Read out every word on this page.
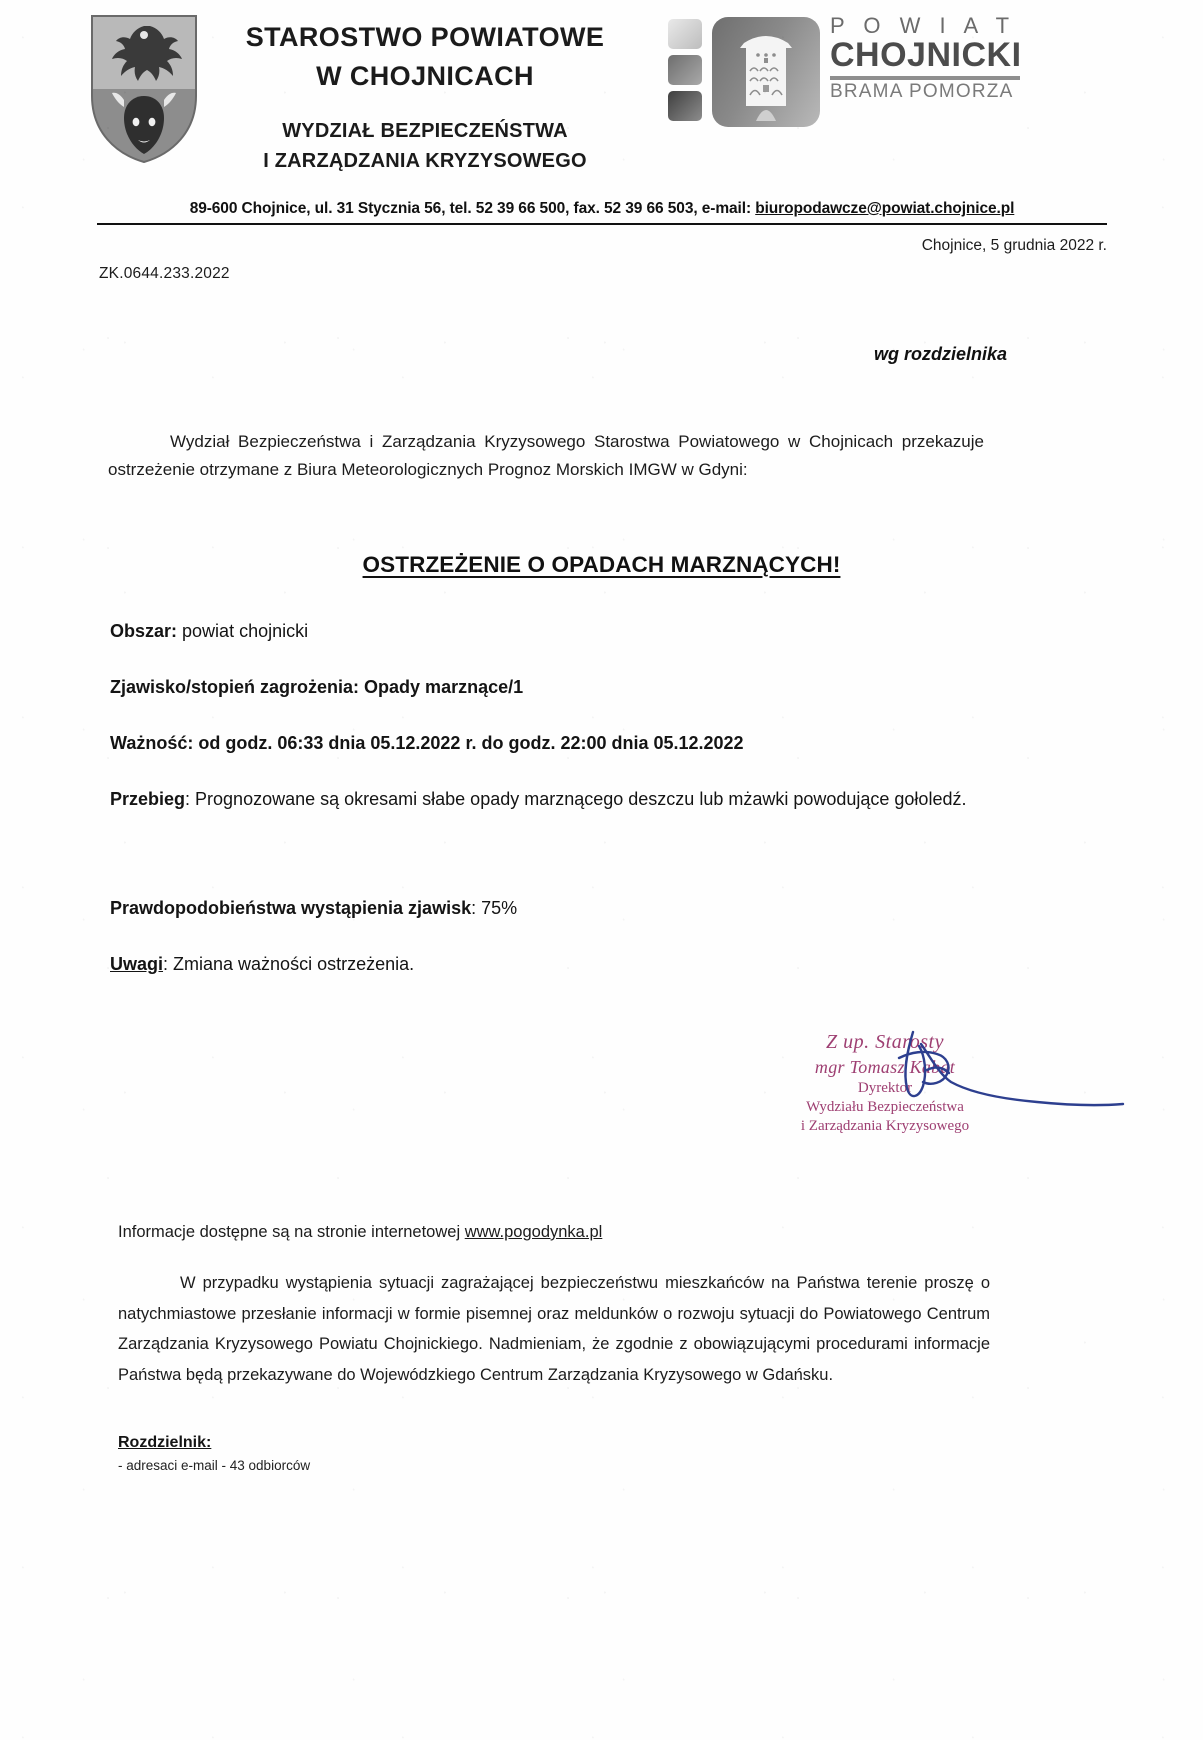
STAROSTWO POWIATOWE
W CHOJNICACH
WYDZIAŁ BEZPIECZEŃSTWA
I ZARZĄDZANIA KRYZYSOWEGO
P O W I A T
CHOJNICKI
BRAMA POMORZA
89-600 Chojnice, ul. 31 Stycznia 56, tel. 52 39 66 500, fax. 52 39 66 503, e-mail: biuropodawcze@powiat.chojnice.pl
Chojnice, 5 grudnia 2022 r.
ZK.0644.233.2022
wg rozdzielnika
Wydział Bezpieczeństwa i Zarządzania Kryzysowego Starostwa Powiatowego w Chojnicach przekazuje ostrzeżenie otrzymane z Biura Meteorologicznych Prognoz Morskich IMGW w Gdyni:
OSTRZEŻENIE O OPADACH MARZNĄCYCH!
Obszar: powiat chojnicki
Zjawisko/stopień zagrożenia: Opady marznące/1
Ważność: od godz. 06:33 dnia 05.12.2022 r. do godz. 22:00 dnia 05.12.2022
Przebieg: Prognozowane są okresami słabe opady marznącego deszczu lub mżawki powodujące gołoledź.
Prawdopodobieństwa wystąpienia zjawisk: 75%
Uwagi: Zmiana ważności ostrzeżenia.
Z up. Starosty
mgr Tomasz Kabat
Dyrektor
Wydziału Bezpieczeństwa
i Zarządzania Kryzysowego
Informacje dostępne są na stronie internetowej www.pogodynka.pl
W przypadku wystąpienia sytuacji zagrażającej bezpieczeństwu mieszkańców na Państwa terenie proszę o natychmiastowe przesłanie informacji w formie pisemnej oraz meldunków o rozwoju sytuacji do Powiatowego Centrum Zarządzania Kryzysowego Powiatu Chojnickiego. Nadmieniam, że zgodnie z obowiązującymi procedurami informacje Państwa będą przekazywane do Wojewódzkiego Centrum Zarządzania Kryzysowego w Gdańsku.
Rozdzielnik:
- adresaci e-mail - 43 odbiorców
